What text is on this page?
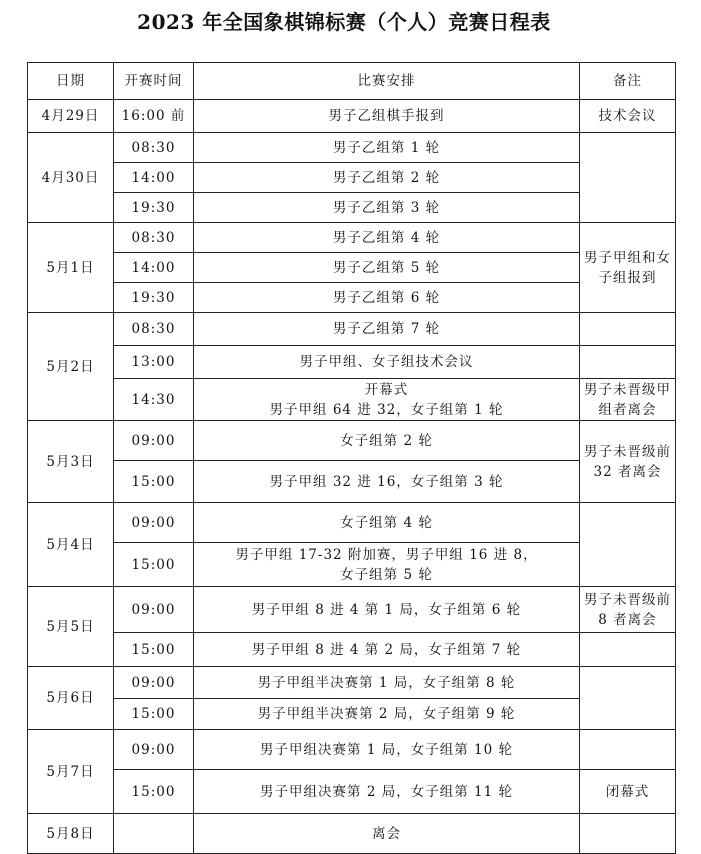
2023 年全国象棋锦标赛（个人）竞赛日程表
日期	开赛时间	比赛安排	备注
4月29日	16:00 前	男子乙组棋手报到	技术会议
4月30日	08:30	男子乙组第 1 轮	

	14:00	男子乙组第 2 轮	

	19:30	男子乙组第 3 轮	

5月1日	08:30	男子乙组第 4 轮	男子甲组和女子组报到
	14:00	男子乙组第 5 轮	

	19:30	男子乙组第 6 轮	

5月2日	08:30	男子乙组第 7 轮	

	13:00	男子甲组、女子组技术会议	

	14:30	开幕式
男子甲组 64 进 32，女子组第 1 轮	男子未晋级甲组者离会
5月3日	09:00	女子组第 2 轮	男子未晋级前 32 者离会
	15:00	男子甲组 32 进 16，女子组第 3 轮	

5月4日	09:00	女子组第 4 轮	

	15:00	男子甲组 17-32 附加赛，男子甲组 16 进 8，
女子组第 5 轮	

5月5日	09:00	男子甲组 8 进 4 第 1 局，女子组第 6 轮	男子未晋级前 8 者离会
	15:00	男子甲组 8 进 4 第 2 局，女子组第 7 轮	

5月6日	09:00	男子甲组半决赛第 1 局，女子组第 8 轮	

	15:00	男子甲组半决赛第 2 局，女子组第 9 轮	

5月7日	09:00	男子甲组决赛第 1 局，女子组第 10 轮	

	15:00	男子甲组决赛第 2 局，女子组第 11 轮	闭幕式
5月8日		离会	
